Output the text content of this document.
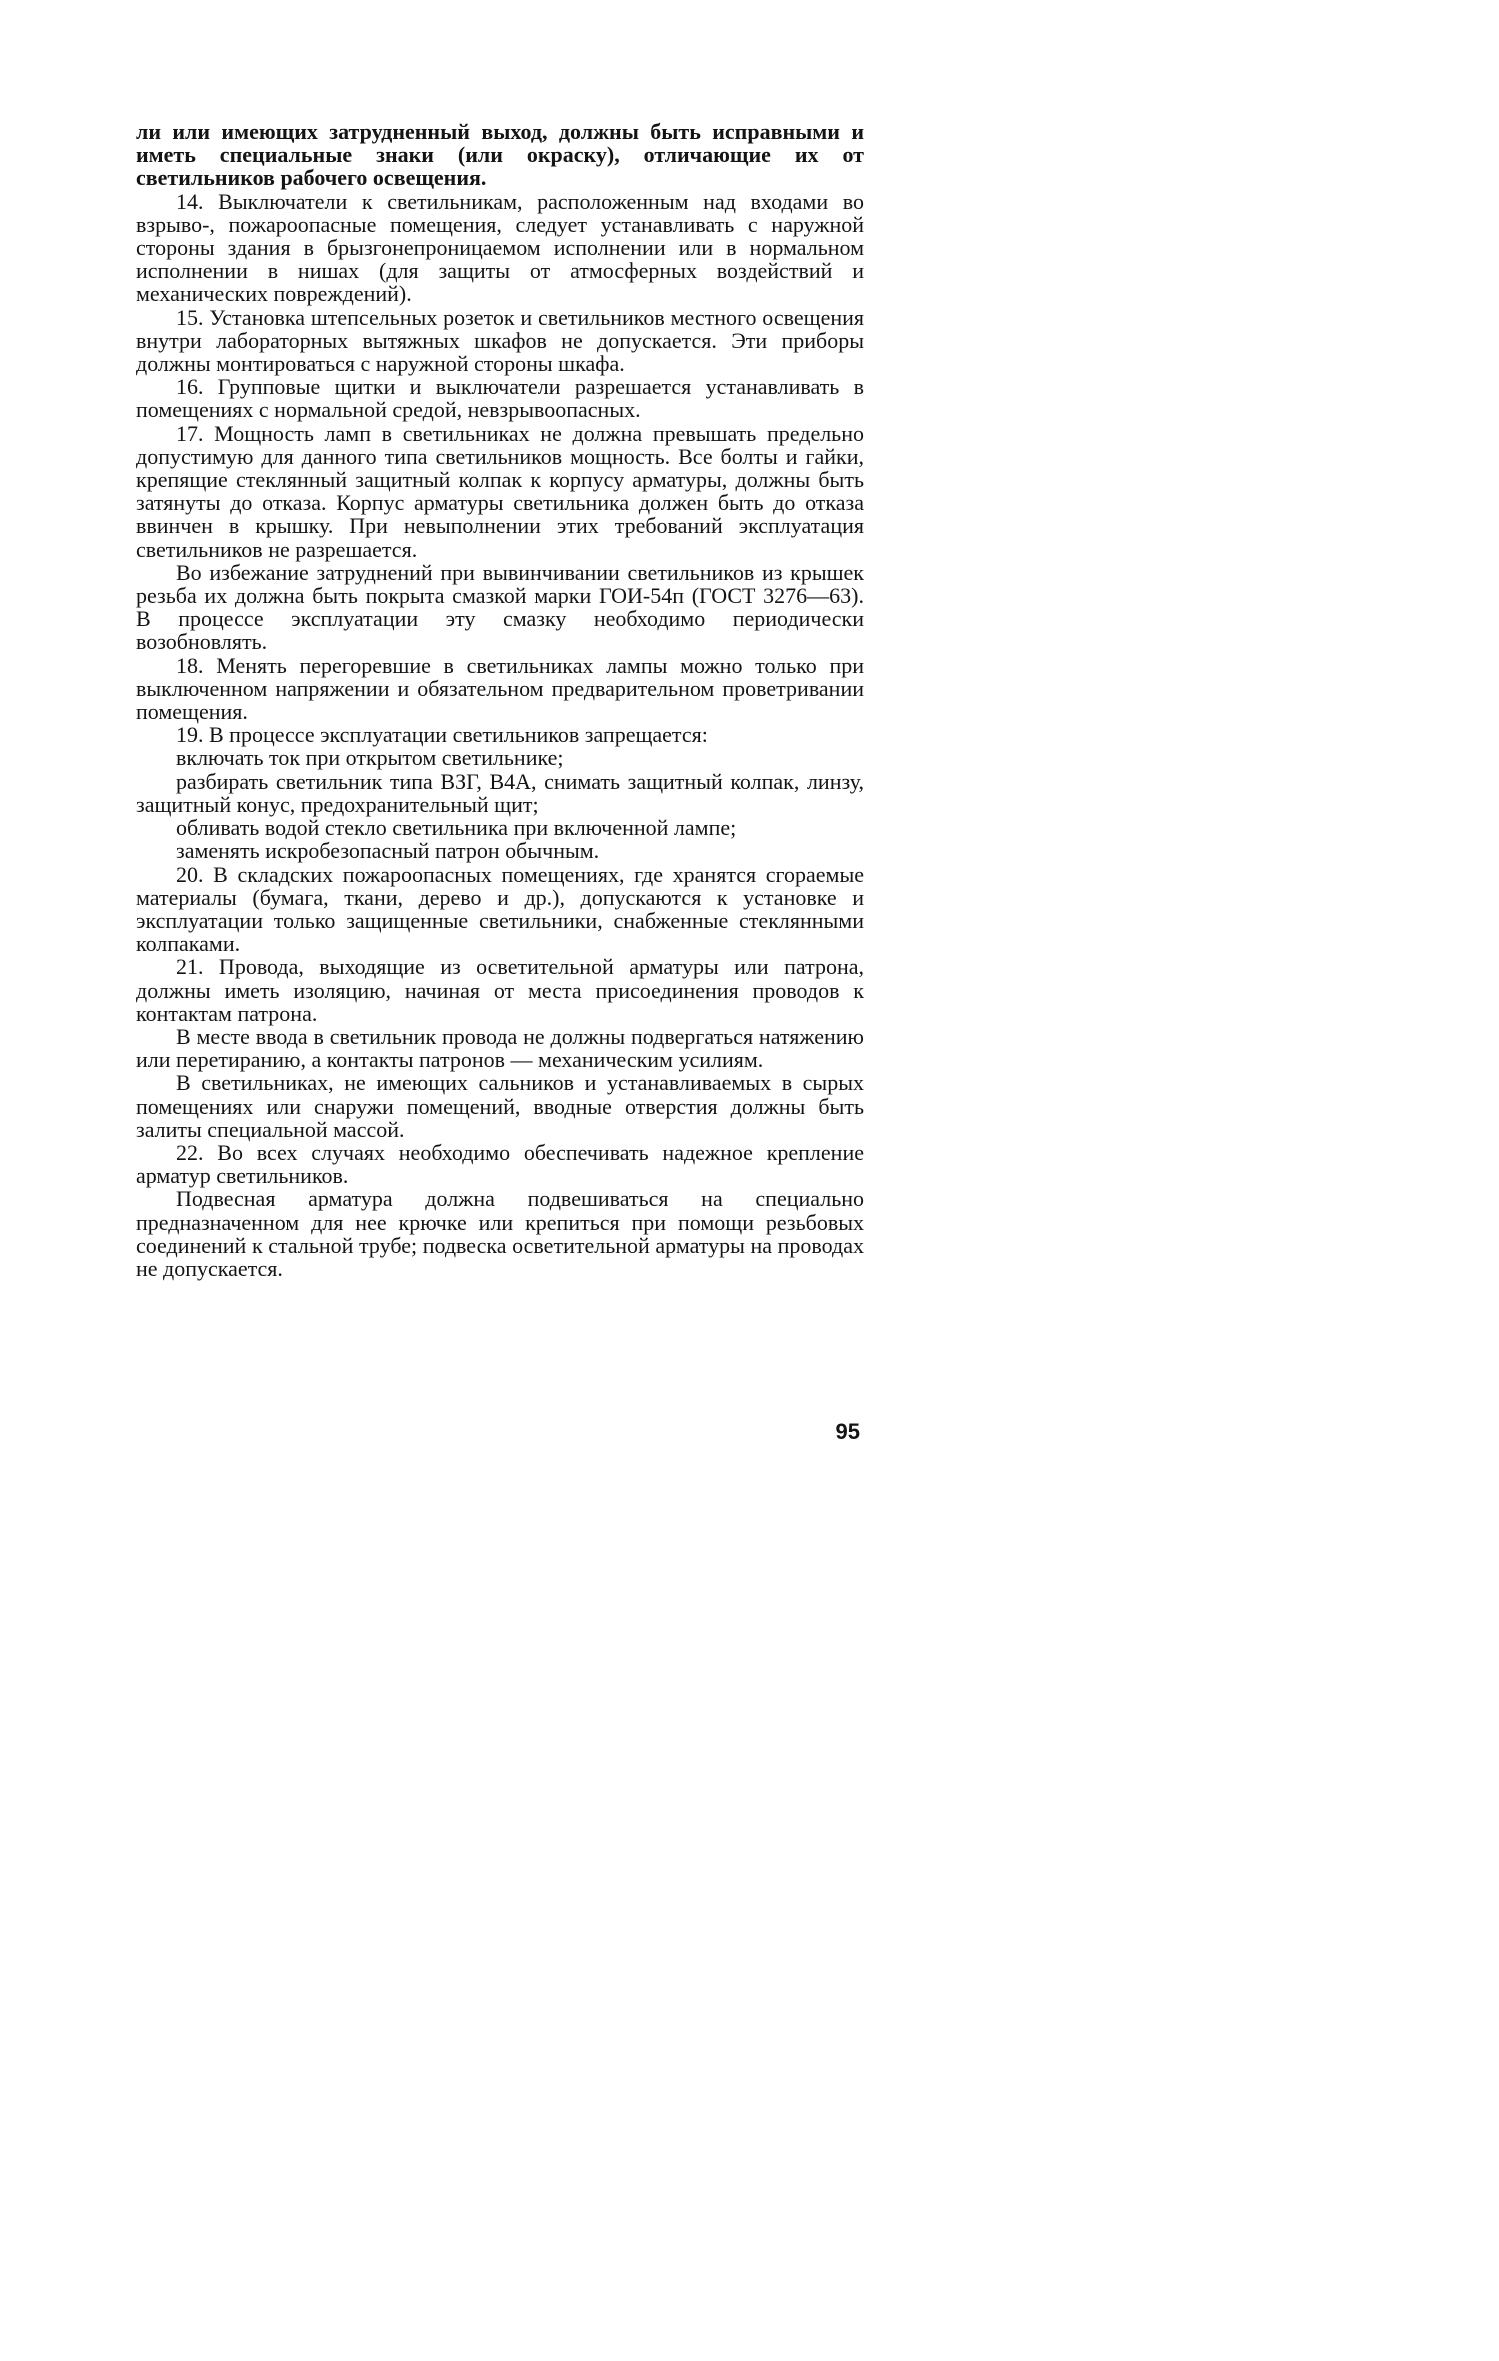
ли или имеющих затрудненный выход, должны быть исправными и иметь специальные знаки (или окраску), отличающие их от светильников рабочего освещения.

14. Выключатели к светильникам, расположенным над входами во взрыво-, пожароопасные помещения, следует устанавливать с наружной стороны здания в брызгонепроницаемом исполнении или в нормальном исполнении в нишах (для защиты от атмосферных воздействий и механических повреждений).

15. Установка штепсельных розеток и светильников местного освещения внутри лабораторных вытяжных шкафов не допускается. Эти приборы должны монтироваться с наружной стороны шкафа.

16. Групповые щитки и выключатели разрешается устанавливать в помещениях с нормальной средой, невзрывоопасных.

17. Мощность ламп в светильниках не должна превышать предельно допустимую для данного типа светильников мощность. Все болты и гайки, крепящие стеклянный защитный колпак к корпусу арматуры, должны быть затянуты до отказа. Корпус арматуры светильника должен быть до отказа ввинчен в крышку. При невыполнении этих требований эксплуатация светильников не разрешается.

Во избежание затруднений при вывинчивании светильников из крышек резьба их должна быть покрыта смазкой марки ГОИ-54п (ГОСТ 3276—63). В процессе эксплуатации эту смазку необходимо периодически возобновлять.

18. Менять перегоревшие в светильниках лампы можно только при выключенном напряжении и обязательном предварительном проветривании помещения.

19. В процессе эксплуатации светильников запрещается:

включать ток при открытом светильнике;

разбирать светильник типа ВЗГ, В4А, снимать защитный колпак, линзу, защитный конус, предохранительный щит;

обливать водой стекло светильника при включенной лампе;

заменять искробезопасный патрон обычным.

20. В складских пожароопасных помещениях, где хранятся сгораемые материалы (бумага, ткани, дерево и др.), допускаются к установке и эксплуатации только защищенные светильники, снабженные стеклянными колпаками.

21. Провода, выходящие из осветительной арматуры или патрона, должны иметь изоляцию, начиная от места присоединения проводов к контактам патрона.

В месте ввода в светильник провода не должны подвергаться натяжению или перетиранию, а контакты патронов — механическим усилиям.

В светильниках, не имеющих сальников и устанавливаемых в сырых помещениях или снаружи помещений, вводные отверстия должны быть залиты специальной массой.

22. Во всех случаях необходимо обеспечивать надежное крепление арматур светильников.

Подвесная арматура должна подвешиваться на специально предназначенном для нее крючке или крепиться при помощи резьбовых соединений к стальной трубе; подвеска осветительной арматуры на проводах не допускается.

95
